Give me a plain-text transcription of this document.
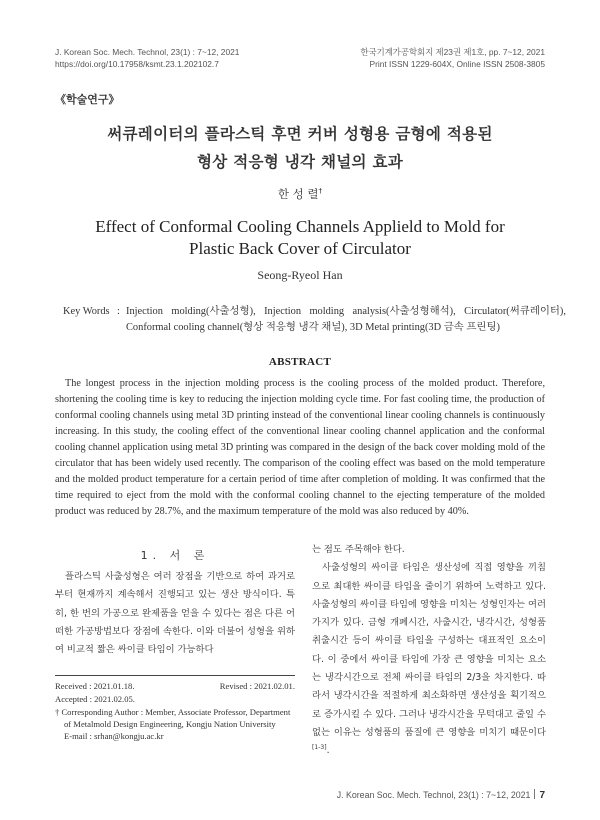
J. Korean Soc. Mech. Technol, 23(1) : 7~12, 2021
https://doi.org/10.17958/ksmt.23.1.202102.7
한국기계가공학회지 제23권 제1호, pp. 7~12, 2021
Print ISSN 1229-604X, Online ISSN 2508-3805
《학술연구》
써큐레이터의 플라스틱 후면 커버 성형용 금형에 적용된
형상 적응형 냉각 채널의 효과
한 성 렬†
Effect of Conformal Cooling Channels Applield to Mold for
Plastic Back Cover of Circulator
Seong-Ryeol Han
Key Words : Injection molding(사출성형), Injection molding analysis(사출성형해석), Circulator(써큐레이터),
Conformal cooling channel(형상 적응형 냉각 채널), 3D Metal printing(3D 금속 프린팅)
ABSTRACT
The longest process in the injection molding process is the cooling process of the molded product. Therefore, shortening the cooling time is key to reducing the injection molding cycle time. For fast cooling time, the production of conformal cooling channels using metal 3D printing instead of the conventional linear cooling channels is continuously increasing. In this study, the cooling effect of the conventional linear cooling channel application and the conformal cooling channel application using metal 3D printing was compared in the design of the back cover molding mold of the circulator that has been widely used recently. The comparison of the cooling effect was based on the mold temperature and the molded product temperature for a certain period of time after completion of molding. It was confirmed that the time required to eject from the mold with the conformal cooling channel to the ejecting temperature of the molded product was reduced by 28.7%, and the maximum temperature of the mold was also reduced by 40%.
1. 서 론
플라스틱 사출성형은 여러 장점을 기반으로 하여 과거로부터 현재까지 계속해서 진행되고 있는 생산 방식이다. 특히, 한 번의 가공으로 완제품을 얻을 수 있다는 점은 다른 어떠한 가공방법보다 장점에 속한다. 이와 더불어 성형을 위하여 비교적 짧은 싸이클 타임이 가능하다

는 점도 주목해야 한다.

사출성형의 싸이클 타임은 생산성에 직접 영향을 끼침으로 최대한 싸이클 타임을 줄이기 위하여 노력하고 있다. 사출성형의 싸이클 타임에 영향을 미치는 성형인자는 여러 가지가 있다. 금형 개폐시간, 사출시간, 냉각시간, 성형품 취출시간 등이 싸이클 타임을 구성하는 대표적인 요소이다. 이 중에서 싸이클 타임에 가장 큰 영향을 미치는 요소는 냉각시간으로 전체 싸이클 타임의 2/3을 차지한다. 따라서 냉각시간을 적절하게 최소화하면 생산성을 획기적으로 증가시킬 수 있다. 그러나 냉각시간을 무턱대고 줄일 수 없는 이유는 성형품의 품질에 큰 영향을 미치기 때문이다[1-3].

Received : 2021.01.18.	Revised : 2021.02.01.
Accepted : 2021.02.05.
† Corresponding Author : Member, Associate Professor, Department
of Metalmold Design Engineering, Kongju Nation University
E-mail : srhan@kongju.ac.kr
J. Korean Soc. Mech. Technol, 23(1) : 7~12, 2021 7
